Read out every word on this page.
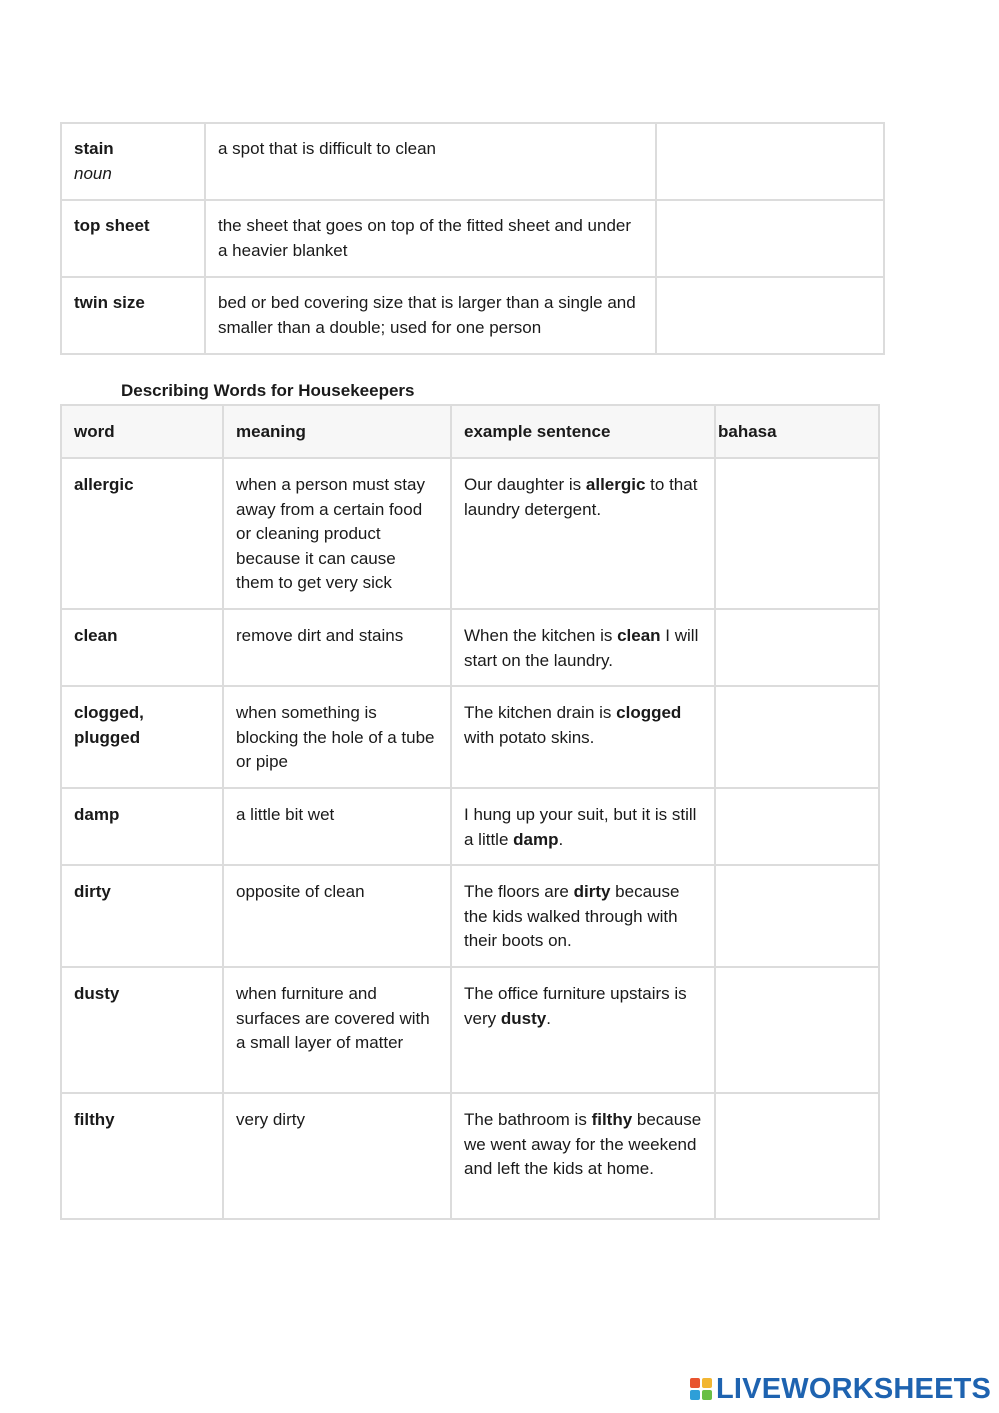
stain
noun	a spot that is difficult to clean	
top sheet	the sheet that goes on top of the fitted sheet and under a heavier blanket	
twin size	bed or bed covering size that is larger than a single and smaller than a double; used for one person	
Describing Words for Housekeepers
word	meaning	example sentence	bahasa
allergic	when a person must stay away from a certain food or cleaning product because it can cause them to get very sick	Our daughter is allergic to that laundry detergent.	
clean	remove dirt and stains	When the kitchen is clean I will start on the laundry.	
clogged, plugged	when something is blocking the hole of a tube or pipe	The kitchen drain is clogged with potato skins.	
damp	a little bit wet	I hung up your suit, but it is still a little damp.	
dirty	opposite of clean	The floors are dirty because the kids walked through with their boots on.	
dusty	when furniture and surfaces are covered with a small layer of matter	The office furniture upstairs is very dusty.	
filthy	very dirty	The bathroom is filthy because we went away for the weekend and left the kids at home.	
LIVEWORKSHEETS
